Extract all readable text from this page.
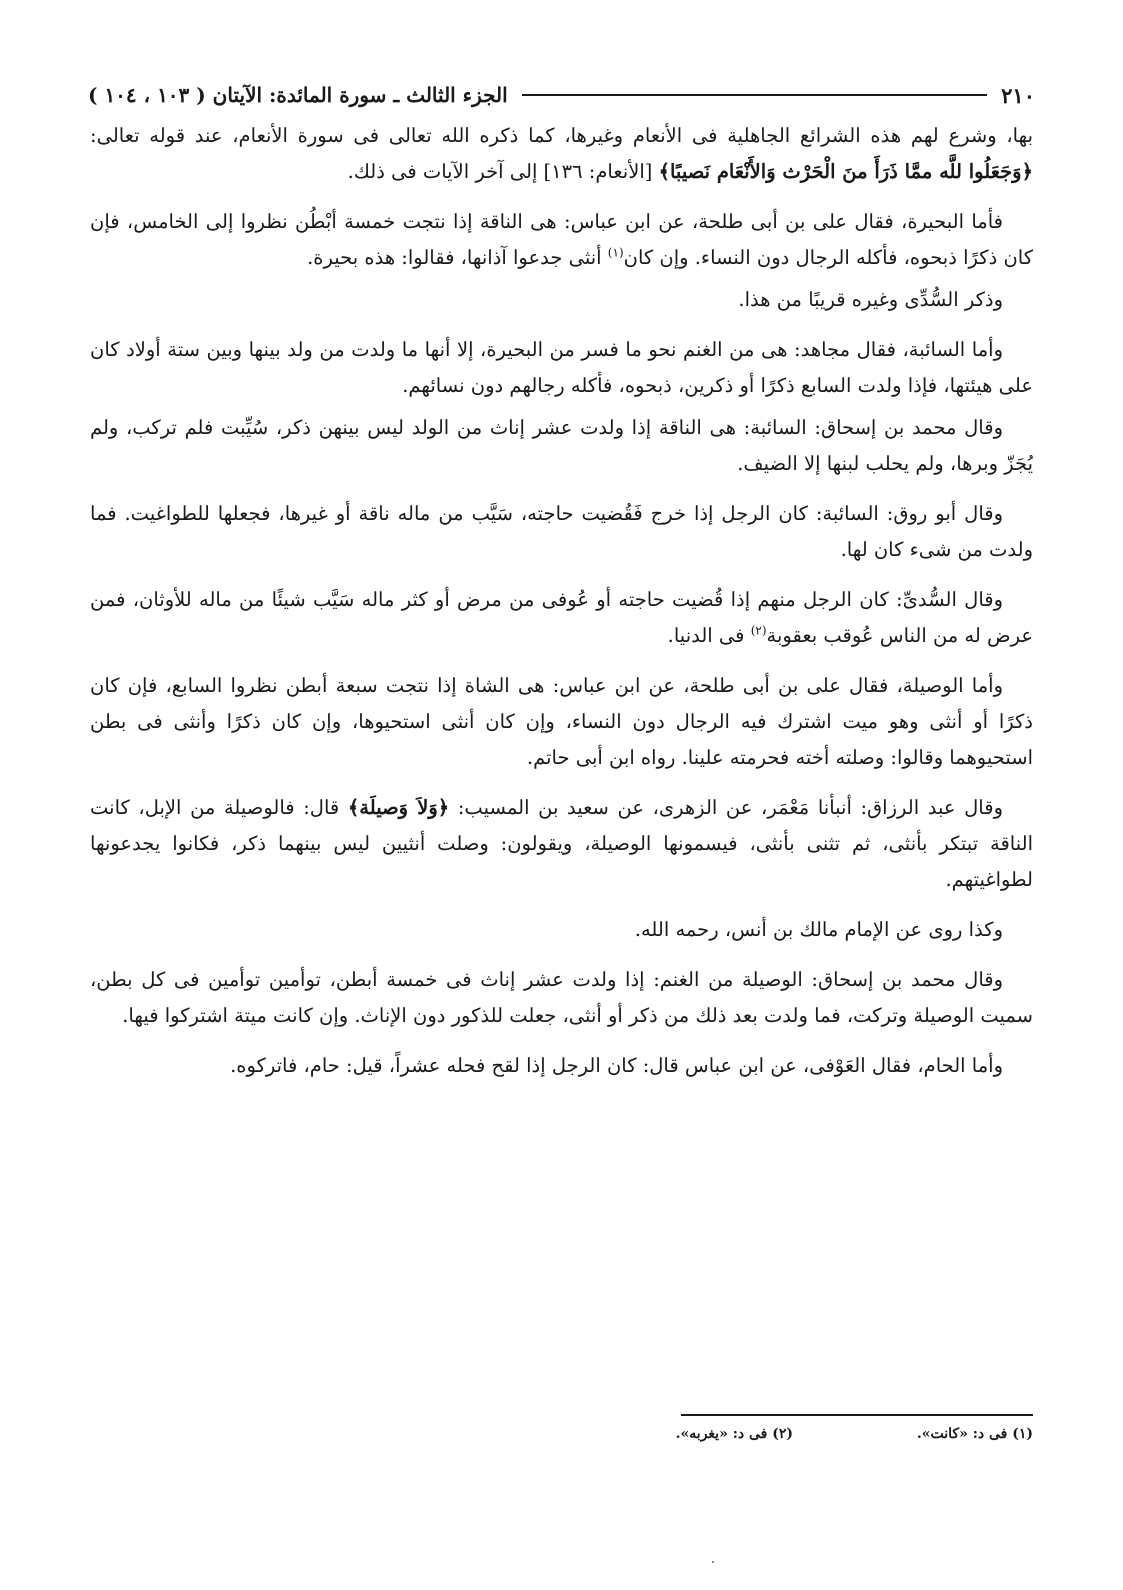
٢١٠
الجزء الثالث ـ سورة المائدة: الآيتان ( ١٠٣ ، ١٠٤ )

بها، وشرع لهم هذه الشرائع الجاهلية فى الأنعام وغيرها، كما ذكره الله تعالى فى سورة الأنعام، عند قوله تعالى: ﴿وَجَعَلُوا للَّه ممَّا ذَرَأَ منَ الْحَرْث وَالأَنْعَام نَصيبًا﴾ [الأنعام: ١٣٦] إلى آخر الآيات فى ذلك.

فأما البحيرة، فقال على بن أبى طلحة، عن ابن عباس: هى الناقة إذا نتجت خمسة أبْطُن نظروا إلى الخامس، فإن كان ذكرًا ذبحوه، فأكله الرجال دون النساء. وإن كان$^{(١)}$ أنثى جدعوا آذانها، فقالوا: هذه بحيرة.

وذكر السُّدِّى وغيره قريبًا من هذا.

وأما السائبة، فقال مجاهد: هى من الغنم نحو ما فسر من البحيرة، إلا أنها ما ولدت من ولد بينها وبين ستة أولاد كان على هيئتها، فإذا ولدت السابع ذكرًا أو ذكرين، ذبحوه، فأكله رجالهم دون نسائهم.

وقال محمد بن إسحاق: السائبة: هى الناقة إذا ولدت عشر إناث من الولد ليس بينهن ذكر، سُيِّبت فلم تركب، ولم يُجَزّ وبرها، ولم يحلب لبنها إلا الضيف.

وقال أبو روق: السائبة: كان الرجل إذا خرج فَقُضيت حاجته، سَيَّب من ماله ناقة أو غيرها، فجعلها للطواغيت. فما ولدت من شىء كان لها.

وقال السُّدىِّ: كان الرجل منهم إذا قُضيت حاجته أو عُوفى من مرض أو كثر ماله سَيَّب شيئًا من ماله للأوثان، فمن عرض له من الناس عُوقب بعقوبة$^{(٢)}$ فى الدنيا.

وأما الوصيلة، فقال على بن أبى طلحة، عن ابن عباس: هى الشاة إذا نتجت سبعة أبطن نظروا السابع، فإن كان ذكرًا أو أنثى وهو ميت اشترك فيه الرجال دون النساء، وإن كان أنثى استحيوها، وإن كان ذكرًا وأنثى فى بطن استحيوهما وقالوا: وصلته أخته فحرمته علينا. رواه ابن أبى حاتم.

وقال عبد الرزاق: أنبأنا مَعْمَر، عن الزهرى، عن سعيد بن المسيب: ﴿وَلاَ وَصيلَة﴾ قال: فالوصيلة من الإبل، كانت الناقة تبتكر بأنثى، ثم تثنى بأنثى، فيسمونها الوصيلة، ويقولون: وصلت أنثيين ليس بينهما ذكر، فكانوا يجدعونها لطواغيتهم.

وكذا روى عن الإمام مالك بن أنس، رحمه الله.

وقال محمد بن إسحاق: الوصيلة من الغنم: إذا ولدت عشر إناث فى خمسة أبطن، توأمين توأمين فى كل بطن، سميت الوصيلة وتركت، فما ولدت بعد ذلك من ذكر أو أنثى، جعلت للذكور دون الإناث. وإن كانت ميتة اشتركوا فيها.

وأما الحام، فقال العَوْفى، عن ابن عباس قال: كان الرجل إذا لقح فحله عشراً، قيل: حام، فاتركوه.

(١) فى د: «كانت».
(٢) فى د: «يغربه».
